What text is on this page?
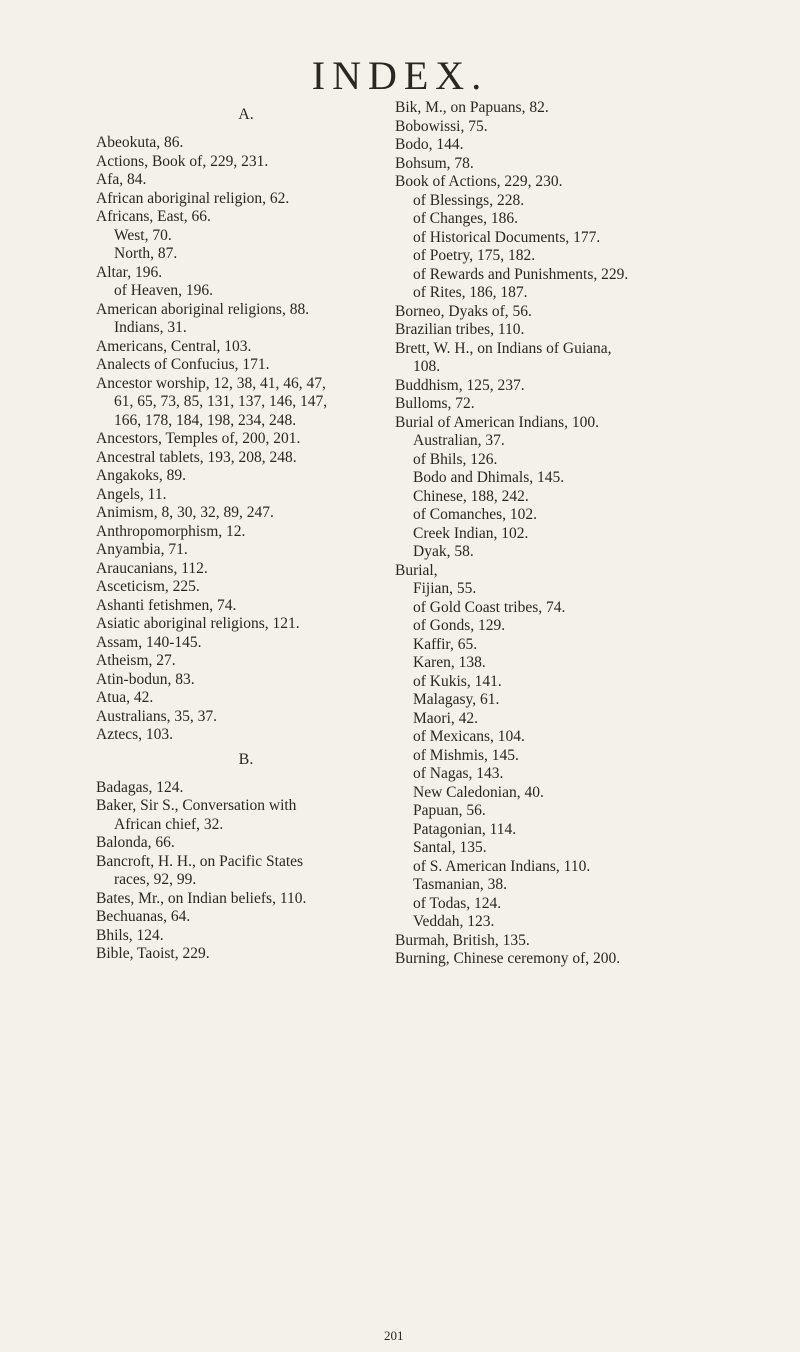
INDEX.
A.
Abeokuta, 86.
Actions, Book of, 229, 231.
Afa, 84.
African aboriginal religion, 62.
Africans, East, 66.
West, 70.
North, 87.
Altar, 196.
of Heaven, 196.
American aboriginal religions, 88.
Indians, 31.
Americans, Central, 103.
Analects of Confucius, 171.
Ancestor worship, 12, 38, 41, 46, 47,
61, 65, 73, 85, 131, 137, 146, 147,
166, 178, 184, 198, 234, 248.
Ancestors, Temples of, 200, 201.
Ancestral tablets, 193, 208, 248.
Angakoks, 89.
Angels, 11.
Animism, 8, 30, 32, 89, 247.
Anthropomorphism, 12.
Anyambia, 71.
Araucanians, 112.
Asceticism, 225.
Ashanti fetishmen, 74.
Asiatic aboriginal religions, 121.
Assam, 140-145.
Atheism, 27.
Atin-bodun, 83.
Atua, 42.
Australians, 35, 37.
Aztecs, 103.
B.
Badagas, 124.
Baker, Sir S., Conversation with
African chief, 32.
Balonda, 66.
Bancroft, H. H., on Pacific States
races, 92, 99.
Bates, Mr., on Indian beliefs, 110.
Bechuanas, 64.
Bhils, 124.
Bible, Taoist, 229.
Bik, M., on Papuans, 82.
Bobowissi, 75.
Bodo, 144.
Bohsum, 78.
Book of Actions, 229, 230.
of Blessings, 228.
of Changes, 186.
of Historical Documents, 177.
of Poetry, 175, 182.
of Rewards and Punishments, 229.
of Rites, 186, 187.
Borneo, Dyaks of, 56.
Brazilian tribes, 110.
Brett, W. H., on Indians of Guiana,
108.
Buddhism, 125, 237.
Bulloms, 72.
Burial of American Indians, 100.
Australian, 37.
of Bhils, 126.
Bodo and Dhimals, 145.
Chinese, 188, 242.
of Comanches, 102.
Creek Indian, 102.
Dyak, 58.
Burial,
Fijian, 55.
of Gold Coast tribes, 74.
of Gonds, 129.
Kaffir, 65.
Karen, 138.
of Kukis, 141.
Malagasy, 61.
Maori, 42.
of Mexicans, 104.
of Mishmis, 145.
of Nagas, 143.
New Caledonian, 40.
Papuan, 56.
Patagonian, 114.
Santal, 135.
of S. American Indians, 110.
Tasmanian, 38.
of Todas, 124.
Veddah, 123.
Burmah, British, 135.
Burning, Chinese ceremony of, 200.
201
